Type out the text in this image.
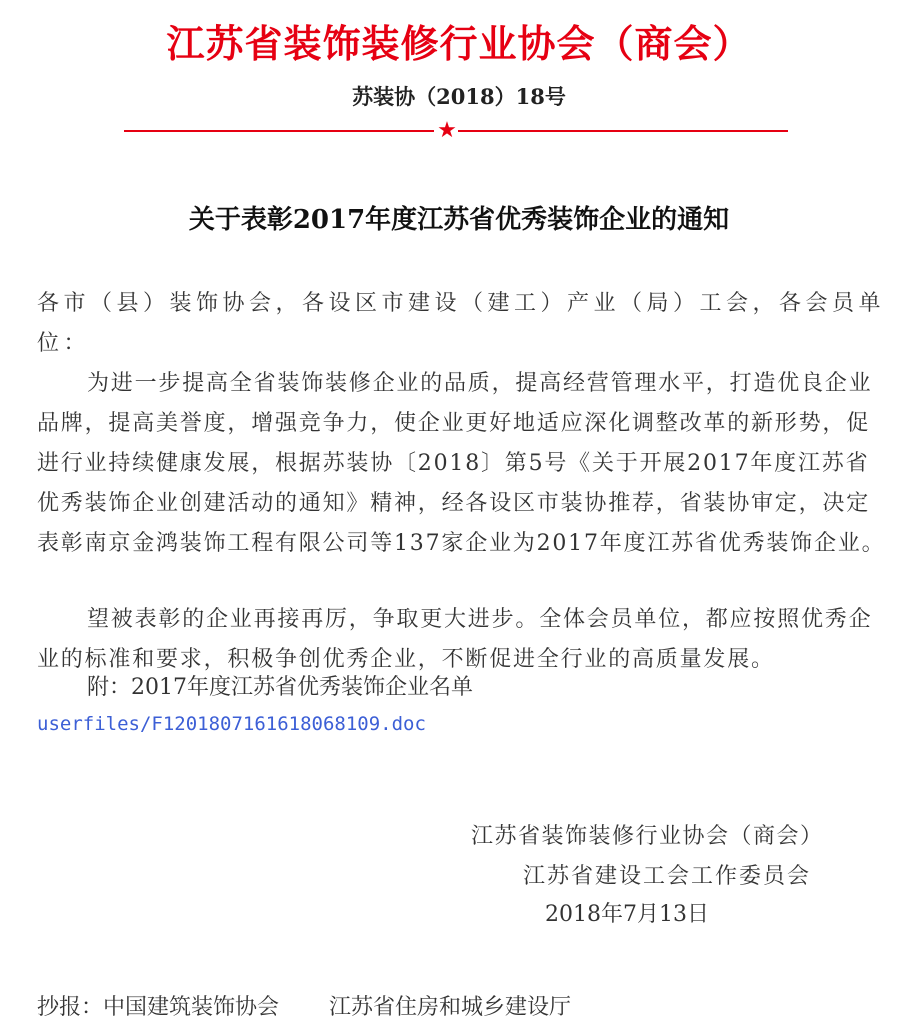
江苏省装饰装修行业协会（商会）
苏装协（2018）18号
★
关于表彰2017年度江苏省优秀装饰企业的通知
各市（县）装饰协会，各设区市建设（建工）产业（局）工会，各会员单位：
为进一步提高全省装饰装修企业的品质，提高经营管理水平，打造优良企业品牌，提高美誉度，增强竞争力，使企业更好地适应深化调整改革的新形势，促进行业持续健康发展，根据苏装协〔2018〕第5号《关于开展2017年度江苏省优秀装饰企业创建活动的通知》精神，经各设区市装协推荐，省装协审定，决定表彰南京金鸿装饰工程有限公司等137家企业为2017年度江苏省优秀装饰企业。
望被表彰的企业再接再厉，争取更大进步。全体会员单位，都应按照优秀企业的标准和要求，积极争创优秀企业，不断促进全行业的高质量发展。
附：2017年度江苏省优秀装饰企业名单
userfiles/F1201807161618068109.doc
江苏省装饰装修行业协会（商会）
江苏省建设工会工作委员会
2018年7月13日
抄报：中国建筑装饰协会 江苏省住房和城乡建设厅
